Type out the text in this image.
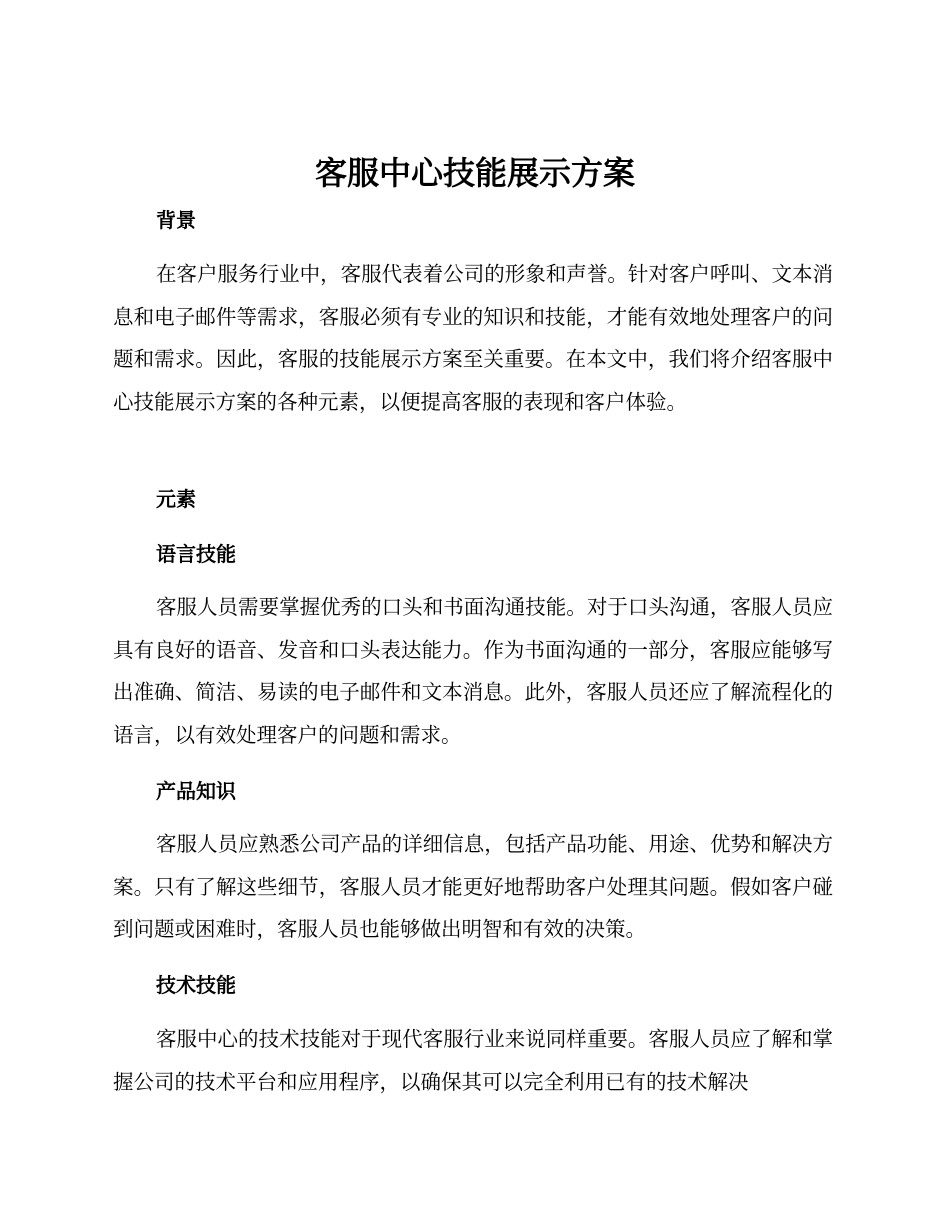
客服中心技能展示方案
背景
在客户服务行业中，客服代表着公司的形象和声誉。针对客户呼叫、文本消息和电子邮件等需求，客服必须有专业的知识和技能，才能有效地处理客户的问题和需求。因此，客服的技能展示方案至关重要。在本文中，我们将介绍客服中心技能展示方案的各种元素，以便提高客服的表现和客户体验。
元素
语言技能
客服人员需要掌握优秀的口头和书面沟通技能。对于口头沟通，客服人员应具有良好的语音、发音和口头表达能力。作为书面沟通的一部分，客服应能够写出准确、简洁、易读的电子邮件和文本消息。此外，客服人员还应了解流程化的语言，以有效处理客户的问题和需求。
产品知识
客服人员应熟悉公司产品的详细信息，包括产品功能、用途、优势和解决方案。只有了解这些细节，客服人员才能更好地帮助客户处理其问题。假如客户碰到问题或困难时，客服人员也能够做出明智和有效的决策。
技术技能
客服中心的技术技能对于现代客服行业来说同样重要。客服人员应了解和掌握公司的技术平台和应用程序，以确保其可以完全利用已有的技术解决
